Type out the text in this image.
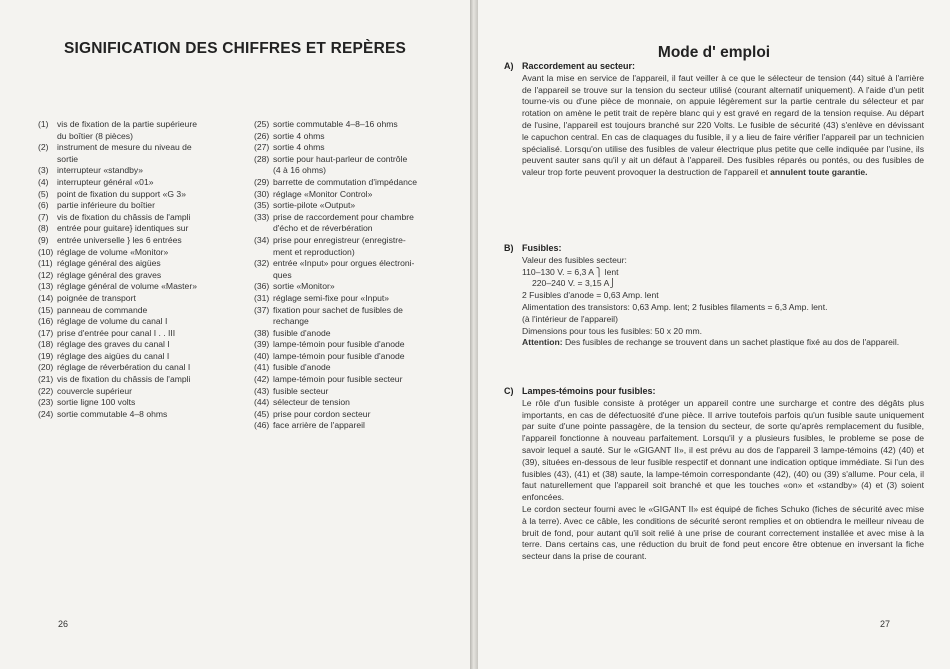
SIGNIFICATION DES CHIFFRES ET REPÈRES
(1) vis de fixation de la partie supérieure
du boîtier (8 pièces)
(2) instrument de mesure du niveau de
sortie
(3) interrupteur «standby»
(4) interrupteur général «01»
(5) point de fixation du support «G 3»
(6) partie inférieure du boîtier
(7) vis de fixation du châssis de l'ampli
(8) entrée pour guitare} identiques sur
(9) entrée universelle } les 6 entrées
(10) réglage de volume «Monitor»
(11) réglage général des aigües
(12) réglage général des graves
(13) réglage général de volume «Master»
(14) poignée de transport
(15) panneau de commande
(16) réglage de volume du canal I
(17) prise d'entrée pour canal I . . III
(18) réglage des graves du canal I
(19) réglage des aigües du canal I
(20) réglage de réverbération du canal I
(21) vis de fixation du châssis de l'ampli
(22) couvercle supérieur
(23) sortie ligne 100 volts
(24) sortie commutable 4–8 ohms
(25) sortie commutable 4–8–16 ohms
(26) sortie 4 ohms
(27) sortie 4 ohms
(28) sortie pour haut-parleur de contrôle
(4 à 16 ohms)
(29) barrette de commutation d'impédance
(30) réglage «Monitor Control»
(35) sortie-pilote «Output»
(33) prise de raccordement pour chambre
d'écho et de réverbération
(34) prise pour enregistreur (enregistre-
ment et reproduction)
(32) entrée «Input» pour orgues électroni-
ques
(36) sortie «Monitor»
(31) réglage semi-fixe pour «Input»
(37) fixation pour sachet de fusibles de
rechange
(38) fusible d'anode
(39) lampe-témoin pour fusible d'anode
(40) lampe-témoin pour fusible d'anode
(41) fusible d'anode
(42) lampe-témoin pour fusible secteur
(43) fusible secteur
(44) sélecteur de tension
(45) prise pour cordon secteur
(46) face arrière de l'appareil
26
Mode d' emploi
A) Raccordement au secteur:

Avant la mise en service de l'appareil, il faut veiller à ce que le sélecteur de tension (44) situé à l'arrière de l'appareil se trouve sur la tension du secteur utilisé (courant alternatif uniquement). A l'aide d'un petit tourne-vis ou d'une pièce de monnaie, on appuie légèrement sur la partie centrale du sélecteur et par rotation on amène le petit trait de repère blanc qui y est gravé en regard de la tension requise. Au départ de l'usine, l'appareil est toujours branché sur 220 Volts. Le fusible de sécurité (43) s'enlève en dévissant le capuchon central. En cas de claquages du fusible, il y a lieu de faire vérifier l'appareil par un technicien spécialisé. Lorsqu'on utilise des fusibles de valeur électrique plus petite que celle indiquée par l'usine, ils peuvent sauter sans qu'il y ait un défaut à l'appareil. Des fusibles réparés ou pontés, ou des fusibles de valeur trop forte peuvent provoquer la destruction de l'appareil et annulent toute garantie.

B) Fusibles:
Valeur des fusibles secteur:
110–130 V. = 6,3 A ⎫ lent
220–240 V. = 3,15 A⎭
2 Fusibles d'anode = 0,63 Amp. lent
Alimentation des transistors: 0,63 Amp. lent; 2 fusibles filaments = 6,3 Amp. lent.
(à l'intérieur de l'appareil)
Dimensions pour tous les fusibles: 50 x 20 mm.

Attention: Des fusibles de rechange se trouvent dans un sachet plastique fixé au dos de l'appareil.

C) Lampes-témoins pour fusibles:

Le rôle d'un fusible consiste à protéger un appareil contre une surcharge et contre des dégâts plus importants, en cas de défectuosité d'une pièce. Il arrive toutefois parfois qu'un fusible saute uniquement par suite d'une pointe passagère, de la tension du secteur, de sorte qu'après remplacement du fusible, l'appareil fonctionne à nouveau parfaitement. Lorsqu'il y a plusieurs fusibles, le probleme se pose de savoir lequel a sauté. Sur le «GIGANT II», il est prévu au dos de l'appareil 3 lampe-témoins (42) (40) et (39), situées en-dessous de leur fusible respectif et donnant une indication optique immédiate. Si l'un des fusibles (43), (41) et (38) saute, la lampe-témoin correspondante (42), (40) ou (39) s'allume. Pour cela, il faut naturellement que l'appareil soit branché et que les touches «on» et «standby» (4) et (3) soient enfoncées.

Le cordon secteur fourni avec le «GIGANT II» est équipé de fiches Schuko (fiches de sécurité avec mise à la terre). Avec ce câble, les conditions de sécurité seront remplies et on obtiendra le meilleur niveau de bruit de fond, pour autant qu'il soit relié à une prise de courant correctement installée et avec mise à la terre. Dans certains cas, une réduction du bruit de fond peut encore être obtenue en inversant la fiche secteur dans la prise de courant.

27
